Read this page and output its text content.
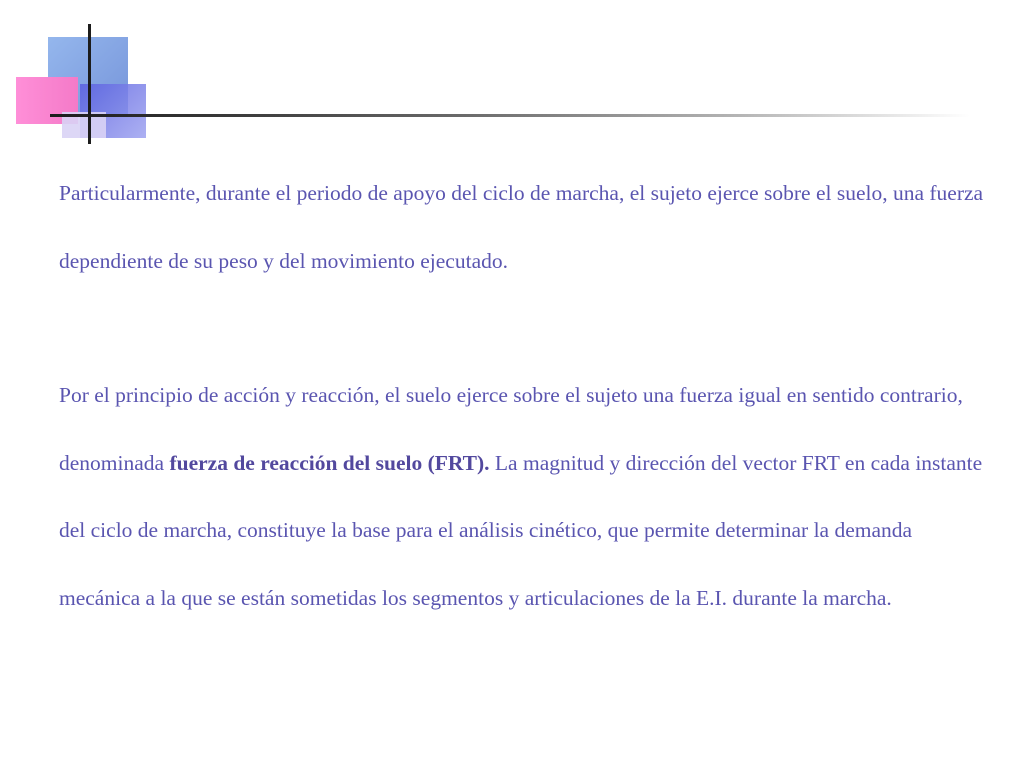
Particularmente, durante el periodo de apoyo del ciclo de marcha, el sujeto ejerce sobre el suelo, una fuerza dependiente de su peso y del movimiento ejecutado.

Por el principio de acción y reacción, el suelo ejerce sobre el sujeto una fuerza igual en sentido contrario, denominada fuerza de reacción del suelo (FRT). La magnitud y dirección del vector FRT en cada instante del ciclo de marcha, constituye la base para el análisis cinético, que permite determinar la demanda mecánica a la que se están sometidas los segmentos y articulaciones de la E.I. durante la marcha.
